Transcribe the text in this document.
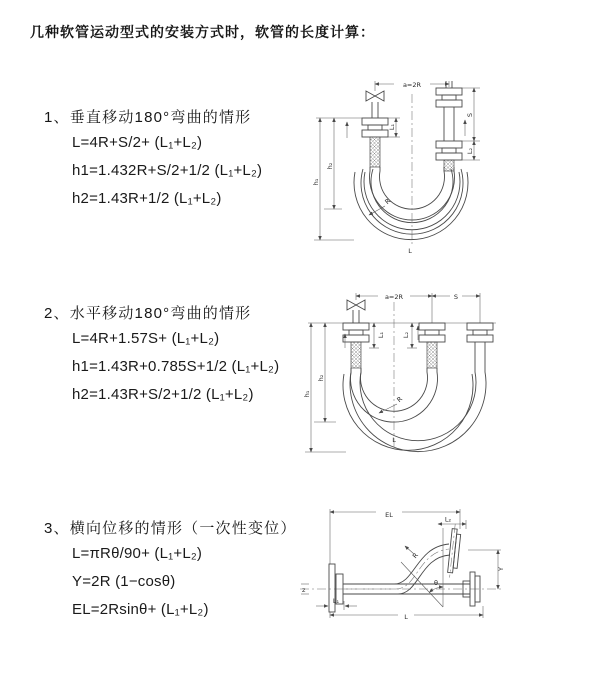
几种软管运动型式的安装方式时，软管的长度计算：
1、垂直移动180°弯曲的情形
L=4R+S/2+ (L₁+L₂)
h1=1.432R+S/2+1/2 (L₁+L₂)
h2=1.43R+1/2 (L₁+L₂)
2、水平移动180°弯曲的情形
L=4R+1.57S+ (L₁+L₂)
h1=1.43R+0.785S+1/2 (L₁+L₂)
h2=1.43R+S/2+1/2 (L₁+L₂)
3、横向位移的情形（一次性变位）
L=πRθ/90+ (L₁+L₂)
Y=2R (1−cosθ)
EL=2Rsinθ+ (L₁+L₂)
a=2R
h₁
h₂
L₁
S
L₂
R
L
a=2R	S
h₁
h₂
L₁	L₂
R
L
EL
L₂
z
θ
R
Y
L₁
L
